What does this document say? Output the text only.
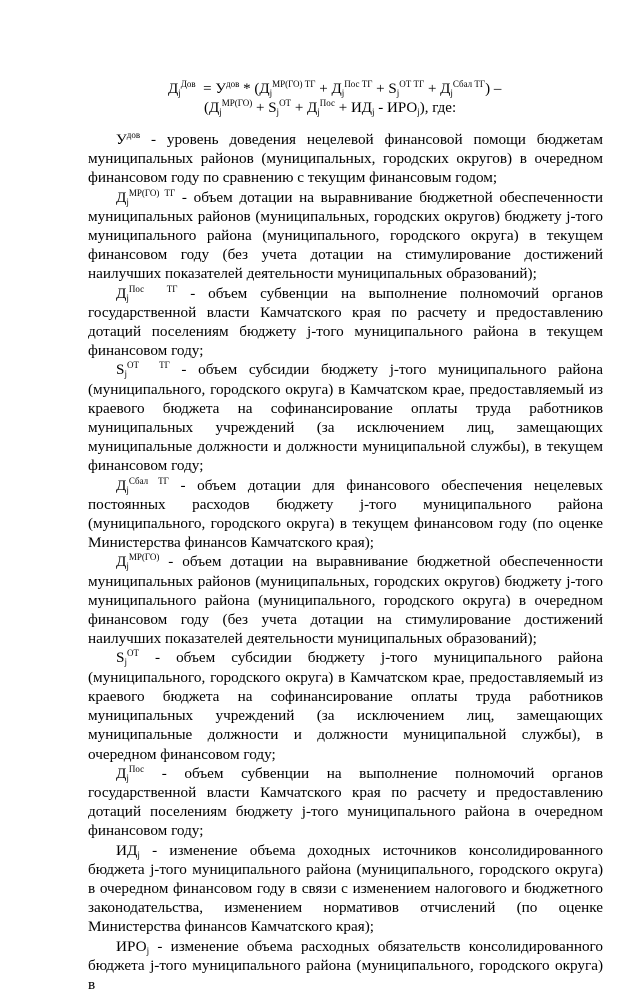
$Д_j^{Дов} = У^{дов} * (Д_j^{МР(ГО) ТГ} + Д_j^{Пос ТГ} + S_j^{ОТ ТГ} + Д_j^{Сбал ТГ})$ –
$(Д_j^{МР(ГО)} + S_j^{ОТ} + Д_j^{Пос} + ИД_j - ИРО_j)$, где:

$У^{дов}$ - уровень доведения нецелевой финансовой помощи бюджетам муниципальных районов (муниципальных, городских округов) в очередном финансовом году по сравнению с текущим финансовым годом;

$Д_j^{МР(ГО) ТГ}$ - объем дотации на выравнивание бюджетной обеспеченности муниципальных районов (муниципальных, городских округов) бюджету j-того муниципального района (муниципального, городского округа) в текущем финансовом году (без учета дотации на стимулирование достижений наилучших показателей деятельности муниципальных образований);

$Д_j^{Пос ТГ}$ - объем субвенции на выполнение полномочий органов государственной власти Камчатского края по расчету и предоставлению дотаций поселениям бюджету j-того муниципального района в текущем финансовом году;

$S_j^{ОТ ТГ}$ - объем субсидии бюджету j-того муниципального района (муниципального, городского округа) в Камчатском крае, предоставляемый из краевого бюджета на софинансирование оплаты труда работников муниципальных учреждений (за исключением лиц, замещающих муниципальные должности и должности муниципальной службы), в текущем финансовом году;

$Д_j^{Сбал ТГ}$ - объем дотации для финансового обеспечения нецелевых постоянных расходов бюджету j-того муниципального района (муниципального, городского округа) в текущем финансовом году (по оценке Министерства финансов Камчатского края);

$Д_j^{МР(ГО)}$ - объем дотации на выравнивание бюджетной обеспеченности муниципальных районов (муниципальных, городских округов) бюджету j-того муниципального района (муниципального, городского округа) в очередном финансовом году (без учета дотации на стимулирование достижений наилучших показателей деятельности муниципальных образований);

$S_j^{ОТ}$ - объем субсидии бюджету j-того муниципального района (муниципального, городского округа) в Камчатском крае, предоставляемый из краевого бюджета на софинансирование оплаты труда работников муниципальных учреждений (за исключением лиц, замещающих муниципальные должности и должности муниципальной службы), в очередном финансовом году;

$Д_j^{Пос}$ - объем субвенции на выполнение полномочий органов государственной власти Камчатского края по расчету и предоставлению дотаций поселениям бюджету j-того муниципального района в очередном финансовом году;

$ИД_j$ - изменение объема доходных источников консолидированного бюджета j-того муниципального района (муниципального, городского округа) в очередном финансовом году в связи с изменением налогового и бюджетного законодательства, изменением нормативов отчислений (по оценке Министерства финансов Камчатского края);

$ИРО_j$ - изменение объема расходных обязательств консолидированного бюджета j-того муниципального района (муниципального, городского округа) в
